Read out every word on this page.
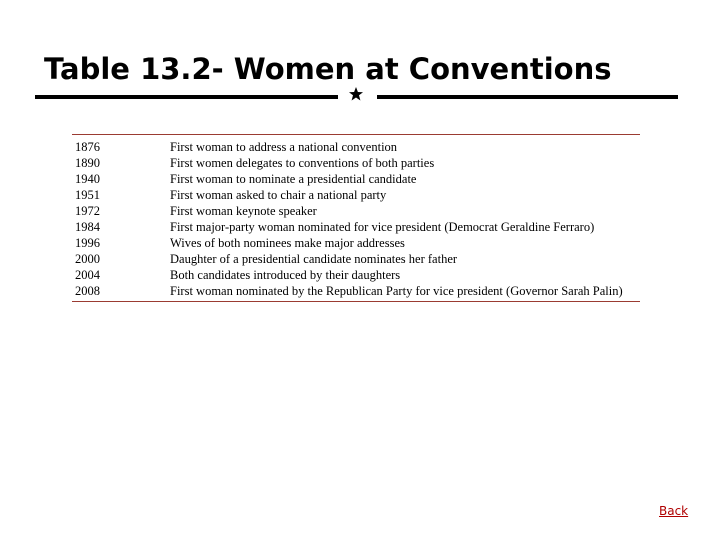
Table 13.2- Women at Conventions
1876	First woman to address a national convention
1890	First women delegates to conventions of both parties
1940	First woman to nominate a presidential candidate
1951	First woman asked to chair a national party
1972	First woman keynote speaker
1984	First major-party woman nominated for vice president (Democrat Geraldine Ferraro)
1996	Wives of both nominees make major addresses
2000	Daughter of a presidential candidate nominates her father
2004	Both candidates introduced by their daughters
2008	First woman nominated by the Republican Party for vice president (Governor Sarah Palin)
Back
